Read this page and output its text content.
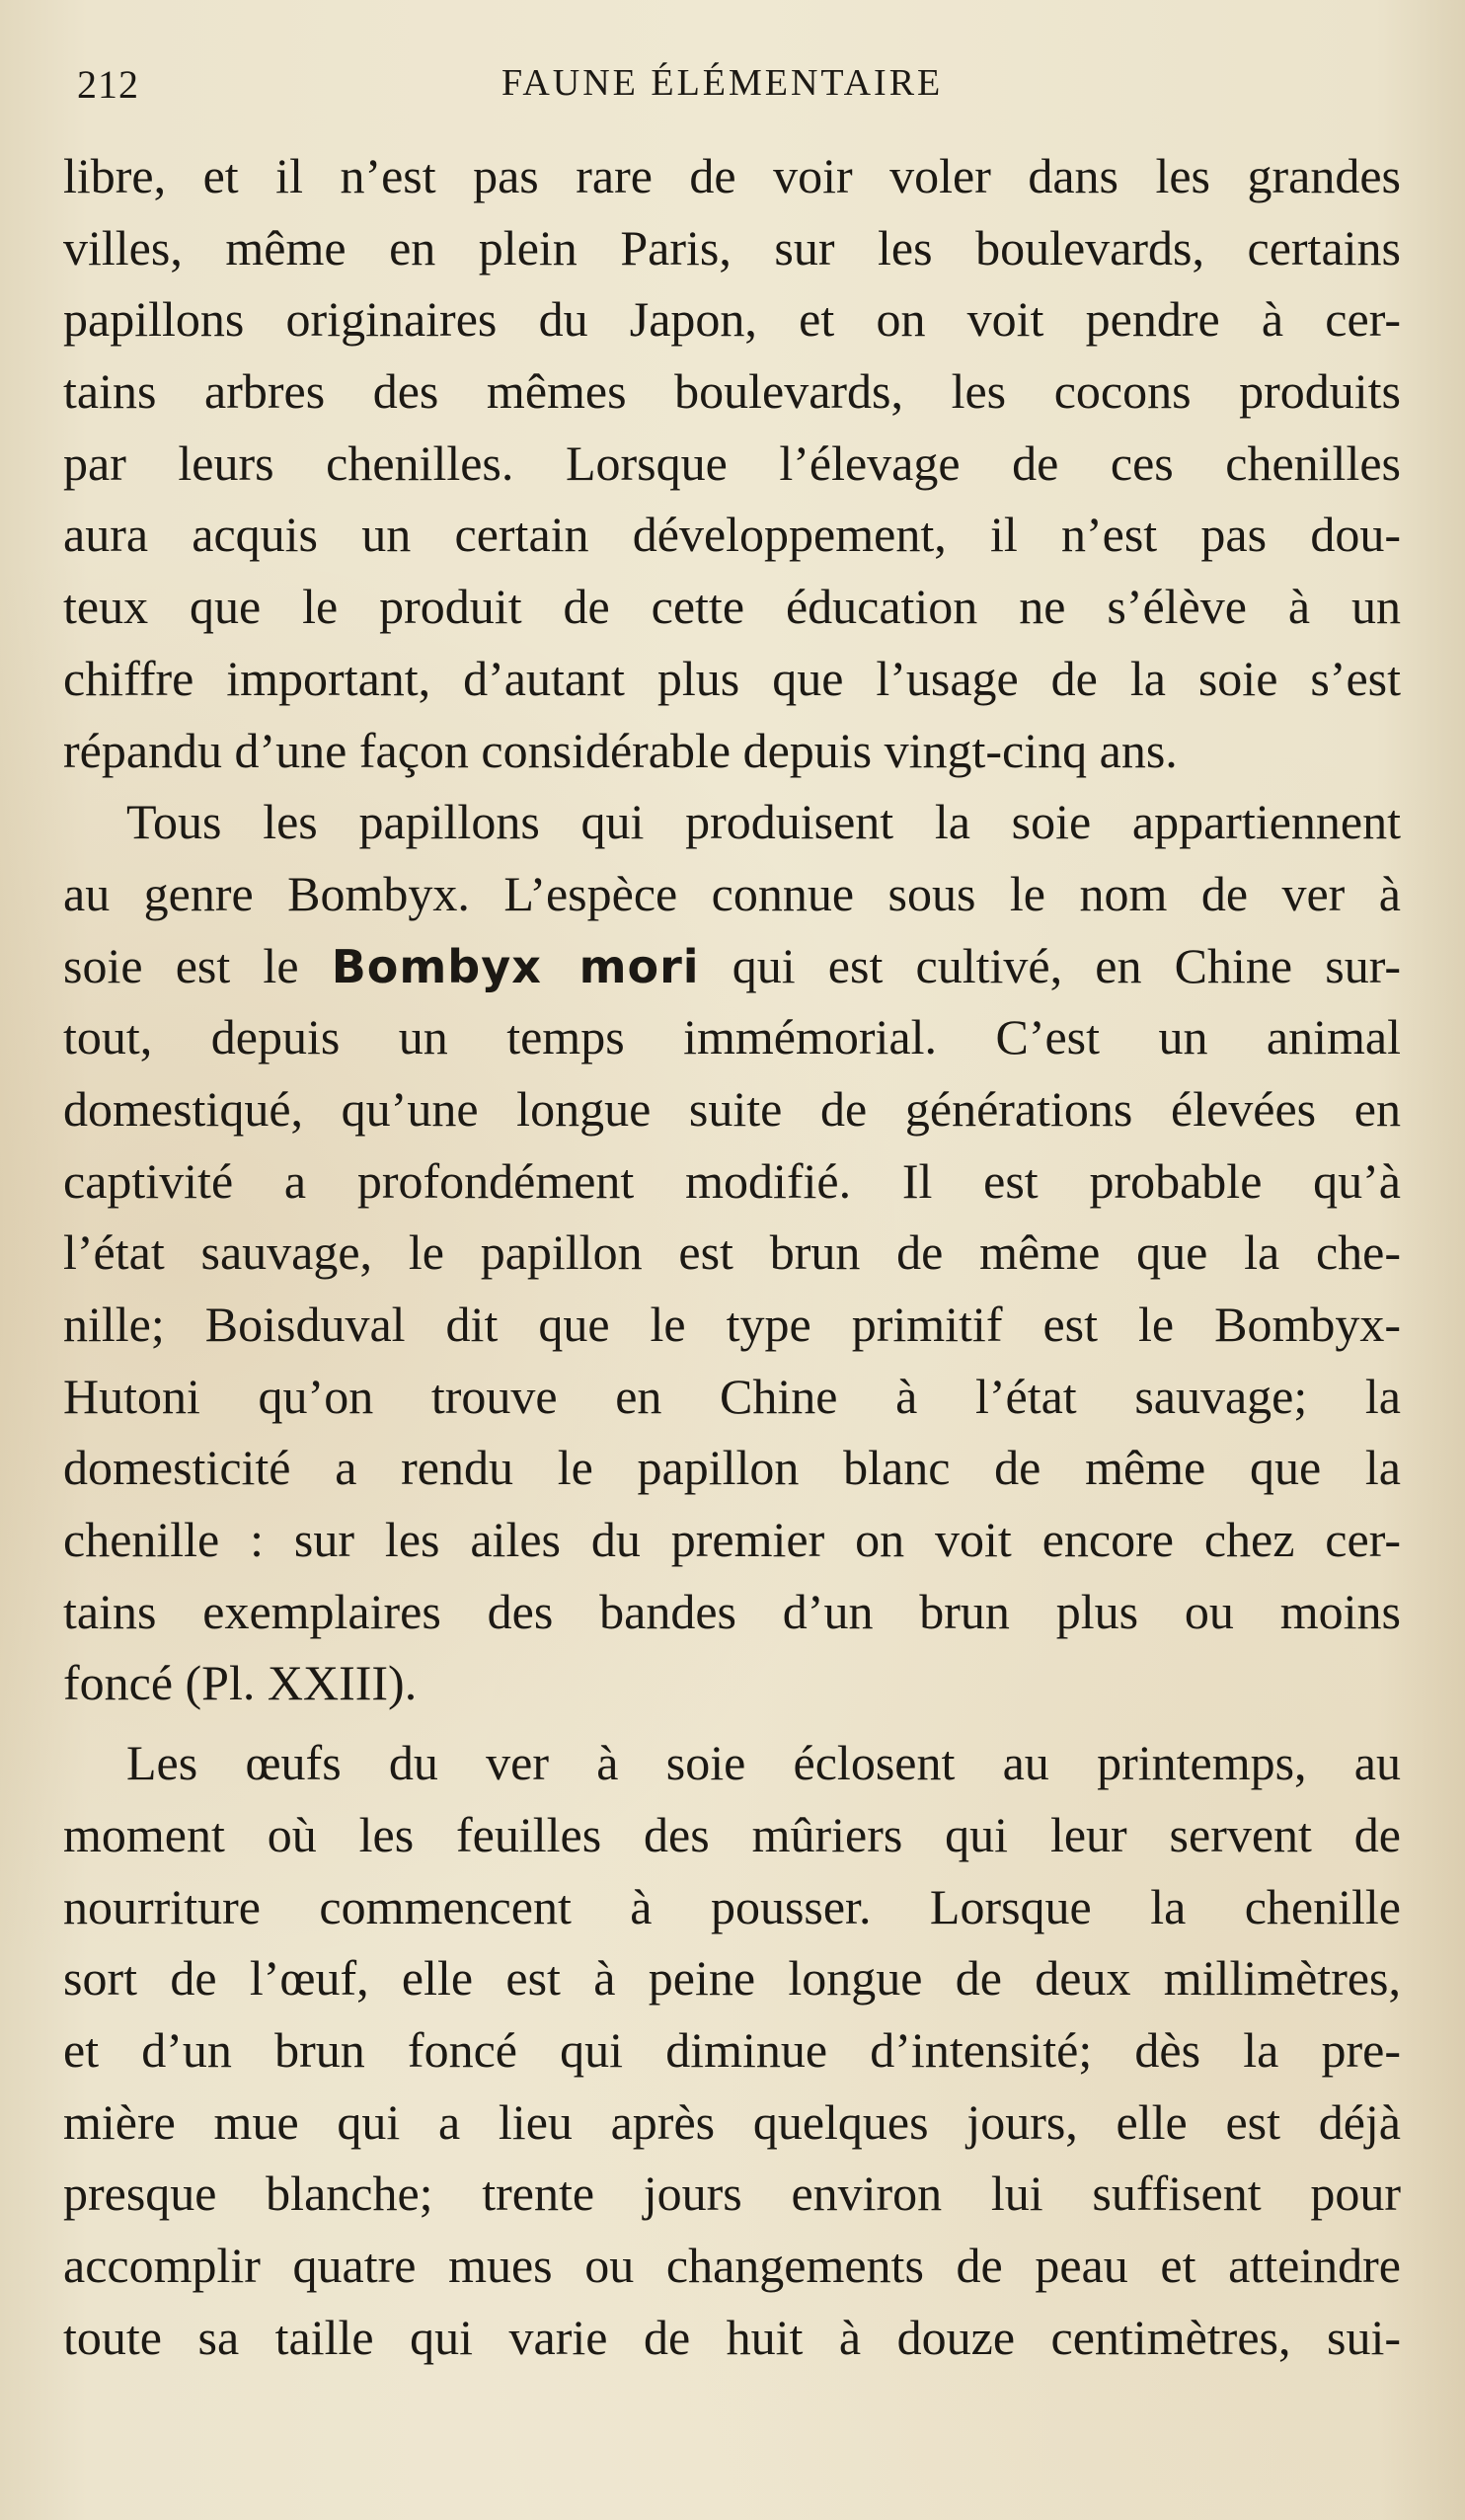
212	FAUNE ÉLÉMENTAIRE
libre, et il n’est pas rare de voir voler dans les grandes
villes, même en plein Paris, sur les boulevards, certains
papillons originaires du Japon, et on voit pendre à cer-
tains arbres des mêmes boulevards, les cocons produits
par leurs chenilles. Lorsque l’élevage de ces chenilles
aura acquis un certain développement, il n’est pas dou-
teux que le produit de cette éducation ne s’élève à un
chiffre important, d’autant plus que l’usage de la soie s’est
répandu d’une façon considérable depuis vingt-cinq ans.
Tous les papillons qui produisent la soie appartiennent
au genre Bombyx. L’espèce connue sous le nom de ver à
soie est le Bombyx mori qui est cultivé, en Chine sur-
tout, depuis un temps immémorial. C’est un animal
domestiqué, qu’une longue suite de générations élevées en
captivité a profondément modifié. Il est probable qu’à
l’état sauvage, le papillon est brun de même que la che-
nille; Boisduval dit que le type primitif est le Bombyx-
Hutoni qu’on trouve en Chine à l’état sauvage; la
domesticité a rendu le papillon blanc de même que la
chenille : sur les ailes du premier on voit encore chez cer-
tains exemplaires des bandes d’un brun plus ou moins
foncé (Pl. XXIII).
Les œufs du ver à soie éclosent au printemps, au
moment où les feuilles des mûriers qui leur servent de
nourriture commencent à pousser. Lorsque la chenille
sort de l’œuf, elle est à peine longue de deux millimètres,
et d’un brun foncé qui diminue d’intensité; dès la pre-
mière mue qui a lieu après quelques jours, elle est déjà
presque blanche; trente jours environ lui suffisent pour
accomplir quatre mues ou changements de peau et atteindre
toute sa taille qui varie de huit à douze centimètres, sui-
